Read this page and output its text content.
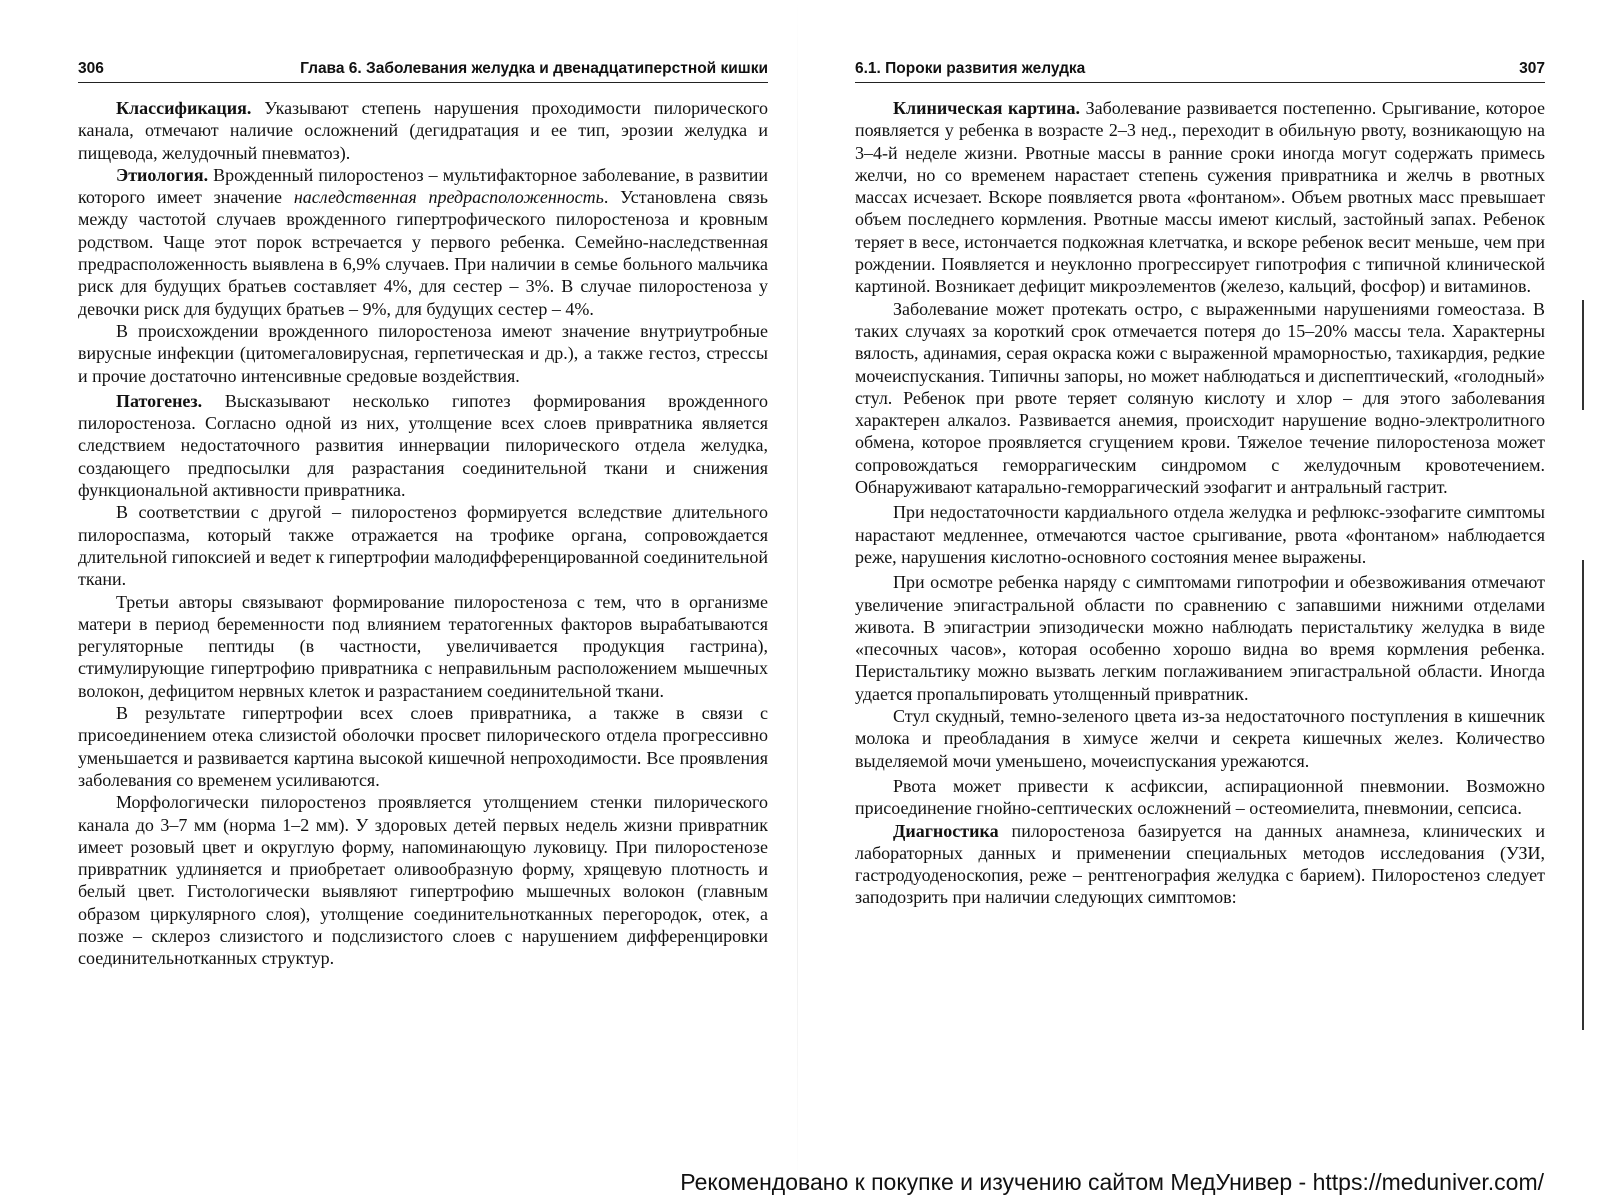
306	Глава 6. Заболевания желудка и двенадцатиперстной кишки

Классификация. Указывают степень нарушения проходимости пилорического канала, отмечают наличие осложнений (дегидратация и ее тип, эрозии желудка и пищевода, желудочный пневматоз).

Этиология. Врожденный пилоростеноз – мультифакторное заболевание, в развитии которого имеет значение наследственная предрасположенность. Установлена связь между частотой случаев врожденного гипертрофического пилоростеноза и кровным родством. Чаще этот порок встречается у первого ребенка. Семейно-наследственная предрасположенность выявлена в 6,9% случаев. При наличии в семье больного мальчика риск для будущих братьев составляет 4%, для сестер – 3%. В случае пилоростеноза у девочки риск для будущих братьев – 9%, для будущих сестер – 4%.

В происхождении врожденного пилоростеноза имеют значение внутриутробные вирусные инфекции (цитомегаловирусная, герпетическая и др.), а также гестоз, стрессы и прочие достаточно интенсивные средовые воздействия.

Патогенез. Высказывают несколько гипотез формирования врожденного пилоростеноза. Согласно одной из них, утолщение всех слоев привратника является следствием недостаточного развития иннервации пилорического отдела желудка, создающего предпосылки для разрастания соединительной ткани и снижения функциональной активности привратника.

В соответствии с другой – пилоростеноз формируется вследствие длительного пилороспазма, который также отражается на трофике органа, сопровождается длительной гипоксией и ведет к гипертрофии малодифференцированной соединительной ткани.

Третьи авторы связывают формирование пилоростеноза с тем, что в организме матери в период беременности под влиянием тератогенных факторов вырабатываются регуляторные пептиды (в частности, увеличивается продукция гастрина), стимулирующие гипертрофию привратника с неправильным расположением мышечных волокон, дефицитом нервных клеток и разрастанием соединительной ткани.

В результате гипертрофии всех слоев привратника, а также в связи с присоединением отека слизистой оболочки просвет пилорического отдела прогрессивно уменьшается и развивается картина высокой кишечной непроходимости. Все проявления заболевания со временем усиливаются.

Морфологически пилоростеноз проявляется утолщением стенки пилорического канала до 3–7 мм (норма 1–2 мм). У здоровых детей первых недель жизни привратник имеет розовый цвет и округлую форму, напоминающую луковицу. При пилоростенозе привратник удлиняется и приобретает оливообразную форму, хрящевую плотность и белый цвет. Гистологически выявляют гипертрофию мышечных волокон (главным образом циркулярного слоя), утолщение соединительнотканных перегородок, отек, а позже – склероз слизистого и подслизистого слоев с нарушением дифференцировки соединительнотканных структур.

6.1. Пороки развития желудка	307

Клиническая картина. Заболевание развивается постепенно. Срыгивание, которое появляется у ребенка в возрасте 2–3 нед., переходит в обильную рвоту, возникающую на 3–4-й неделе жизни. Рвотные массы в ранние сроки иногда могут содержать примесь желчи, но со временем нарастает степень сужения привратника и желчь в рвотных массах исчезает. Вскоре появляется рвота «фонтаном». Объем рвотных масс превышает объем последнего кормления. Рвотные массы имеют кислый, застойный запах. Ребенок теряет в весе, истончается подкожная клетчатка, и вскоре ребенок весит меньше, чем при рождении. Появляется и неуклонно прогрессирует гипотрофия с типичной клинической картиной. Возникает дефицит микроэлементов (железо, кальций, фосфор) и витаминов.

Заболевание может протекать остро, с выраженными нарушениями гомеостаза. В таких случаях за короткий срок отмечается потеря до 15–20% массы тела. Характерны вялость, адинамия, серая окраска кожи с выраженной мраморностью, тахикардия, редкие мочеиспускания. Типичны запоры, но может наблюдаться и диспептический, «голодный» стул. Ребенок при рвоте теряет соляную кислоту и хлор – для этого заболевания характерен алкалоз. Развивается анемия, происходит нарушение водно-электролитного обмена, которое проявляется сгущением крови. Тяжелое течение пилоростеноза может сопровождаться геморрагическим синдромом с желудочным кровотечением. Обнаруживают катарально-геморрагический эзофагит и антральный гастрит.

При недостаточности кардиального отдела желудка и рефлюкс-эзофагите симптомы нарастают медленнее, отмечаются частое срыгивание, рвота «фонтаном» наблюдается реже, нарушения кислотно-основного состояния менее выражены.

При осмотре ребенка наряду с симптомами гипотрофии и обезвоживания отмечают увеличение эпигастральной области по сравнению с запавшими нижними отделами живота. В эпигастрии эпизодически можно наблюдать перистальтику желудка в виде «песочных часов», которая особенно хорошо видна во время кормления ребенка. Перистальтику можно вызвать легким поглаживанием эпигастральной области. Иногда удается пропальпировать утолщенный привратник.

Стул скудный, темно-зеленого цвета из-за недостаточного поступления в кишечник молока и преобладания в химусе желчи и секрета кишечных желез. Количество выделяемой мочи уменьшено, мочеиспускания урежаются.

Рвота может привести к асфиксии, аспирационной пневмонии. Возможно присоединение гнойно-септических осложнений – остеомиелита, пневмонии, сепсиса.

Диагностика пилоростеноза базируется на данных анамнеза, клинических и лабораторных данных и применении специальных методов исследования (УЗИ, гастродуоденоскопия, реже – рентгенография желудка с барием). Пилоростеноз следует заподозрить при наличии следующих симптомов:

Рекомендовано к покупке и изучению сайтом МедУнивер - https://meduniver.com/
